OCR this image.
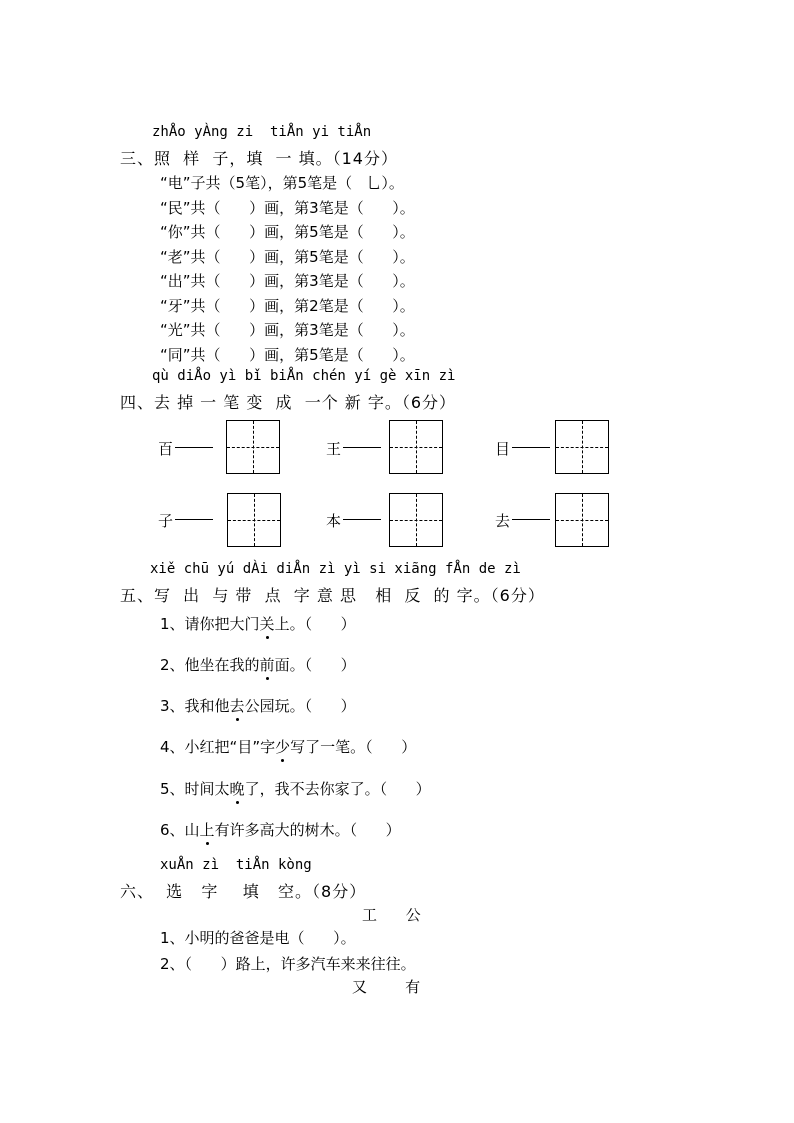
zhÅo yÀng zi  tiÅn yi tiÅn
三、照  样  子，填  一 填。（14分）
“电”子共（5笔），第5笔是（   乚）。
“民”共（      ）画，第3笔是（      ）。
“你”共（      ）画，第5笔是（      ）。
“老”共（      ）画，第5笔是（      ）。
“出”共（      ）画，第3笔是（      ）。
“牙”共（      ）画，第2笔是（      ）。
“光”共（      ）画，第3笔是（      ）。
“同”共（      ）画，第5笔是（      ）。
qù diÅo yì bǐ biÅn chén yí gè xīn zì
四、去 掉 一 笔 变  成  一个 新 字。（6分）
百	王	目
子	本	去
xiě chū yú dÀi diÅn zì yì si xiãng fÅn de zì
五、写  出  与 带  点  字 意 思   相  反  的 字。（6分）
1、请你把大门关上。（      ）
2、他坐在我的前面。（      ）
3、我和他去公园玩。（      ）
4、小红把“目”字少写了一笔。（      ）
5、时间太晚了，我不去你家了。（      ）
6、山上有许多高大的树木。（      ）
xuÅn zì  tiÅn kòng
六、  选   字    填   空。（8分）
工      公
1、小明的爸爸是电（      ）。
2、（      ）路上，许多汽车来来往往。
又        有
